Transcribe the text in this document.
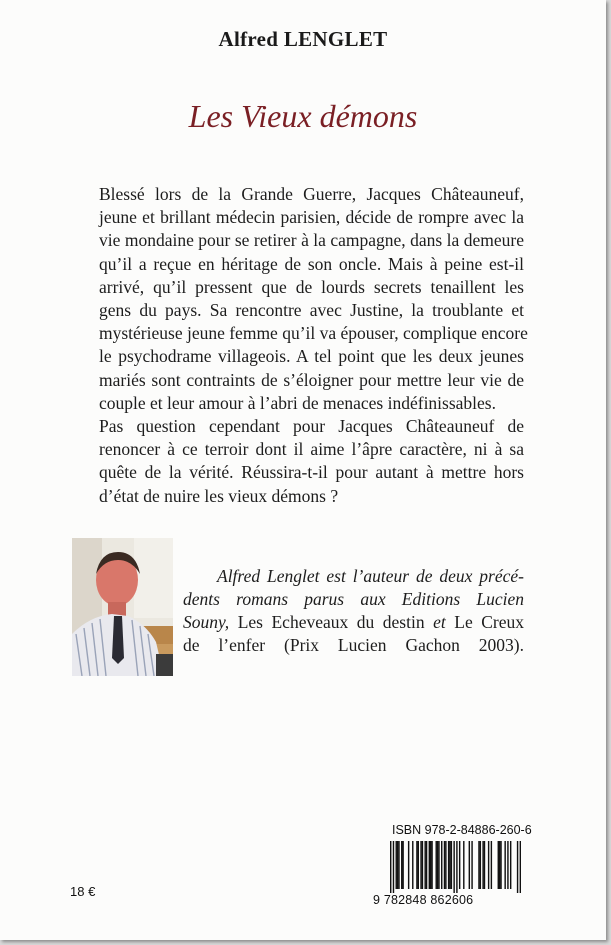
Alfred LENGLET
Les Vieux démons

Blessé lors de la Grande Guerre, Jacques Châteauneuf,
jeune et brillant médecin parisien, décide de rompre avec la
vie mondaine pour se retirer à la campagne, dans la demeure
qu’il a reçue en héritage de son oncle. Mais à peine est-il
arrivé, qu’il pressent que de lourds secrets tenaillent les
gens du pays. Sa rencontre avec Justine, la troublante et
mystérieuse jeune femme qu’il va épouser, complique encore
le psychodrame villageois. A tel point que les deux jeunes
mariés sont contraints de s’éloigner pour mettre leur vie de
couple et leur amour à l’abri de menaces indéfinissables.

Pas question cependant pour Jacques Châteauneuf de
renoncer à ce terroir dont il aime l’âpre caractère, ni à sa
quête de la vérité. Réussira-t-il pour autant à mettre hors
d’état de nuire les vieux démons ?

Alfred Lenglet est l’auteur de deux précé-
dents romans parus aux Editions Lucien
Souny, Les Echeveaux du destin et Le Creux
de l’enfer (Prix Lucien Gachon 2003).
ISBN 978-2-84886-260-6
9 782848 862606
18 €
